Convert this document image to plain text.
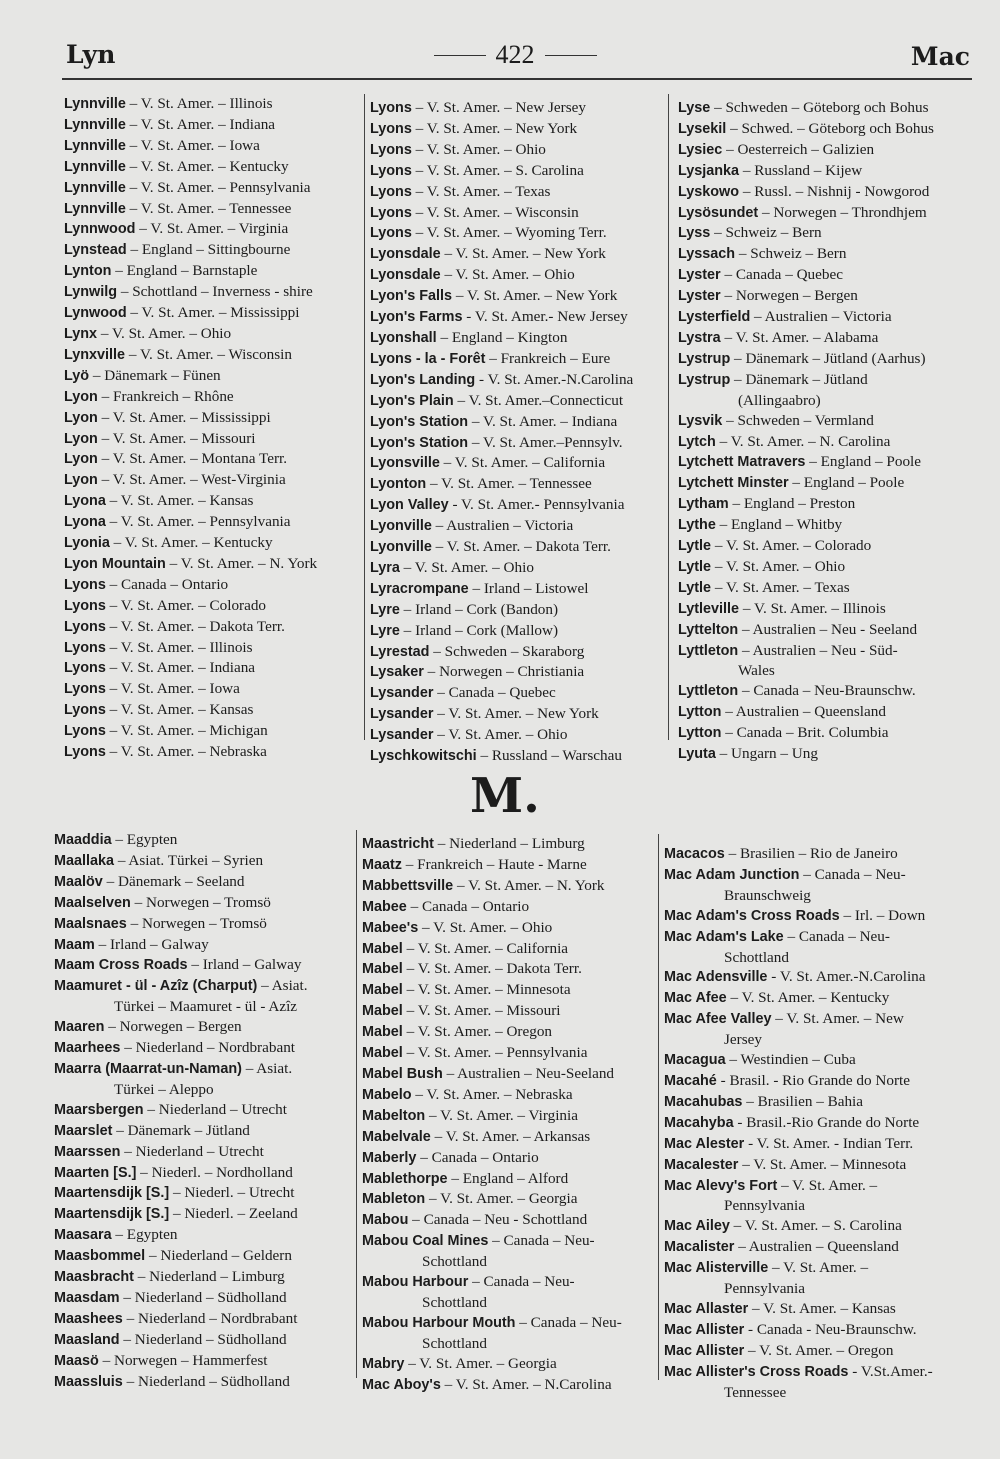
Lyn	422	Mac
Lynnville – V. St. Amer. – Illinois
Lynnville – V. St. Amer. – Indiana
Lynnville – V. St. Amer. – Iowa
Lynnville – V. St. Amer. – Kentucky
Lynnville – V. St. Amer. – Pennsylvania
Lynnville – V. St. Amer. – Tennessee
Lynnwood – V. St. Amer. – Virginia
Lynstead – England – Sittingbourne
Lynton – England – Barnstaple
Lynwilg – Schottland – Inverness - shire
Lynwood – V. St. Amer. – Mississippi
Lynx – V. St. Amer. – Ohio
Lynxville – V. St. Amer. – Wisconsin
Lyö – Dänemark – Fünen
Lyon – Frankreich – Rhône
Lyon – V. St. Amer. – Mississippi
Lyon – V. St. Amer. – Missouri
Lyon – V. St. Amer. – Montana Terr.
Lyon – V. St. Amer. – West-Virginia
Lyona – V. St. Amer. – Kansas
Lyona – V. St. Amer. – Pennsylvania
Lyonia – V. St. Amer. – Kentucky
Lyon Mountain – V. St. Amer. – N. York
Lyons – Canada – Ontario
Lyons – V. St. Amer. – Colorado
Lyons – V. St. Amer. – Dakota Terr.
Lyons – V. St. Amer. – Illinois
Lyons – V. St. Amer. – Indiana
Lyons – V. St. Amer. – Iowa
Lyons – V. St. Amer. – Kansas
Lyons – V. St. Amer. – Michigan
Lyons – V. St. Amer. – Nebraska
Lyons – V. St. Amer. – New Jersey
Lyons – V. St. Amer. – New York
Lyons – V. St. Amer. – Ohio
Lyons – V. St. Amer. – S. Carolina
Lyons – V. St. Amer. – Texas
Lyons – V. St. Amer. – Wisconsin
Lyons – V. St. Amer. – Wyoming Terr.
Lyonsdale – V. St. Amer. – New York
Lyonsdale – V. St. Amer. – Ohio
Lyon's Falls – V. St. Amer. – New York
Lyon's Farms - V. St. Amer.- New Jersey
Lyonshall – England – Kington
Lyons - la - Forêt – Frankreich – Eure
Lyon's Landing - V. St. Amer.-N.Carolina
Lyon's Plain – V. St. Amer.–Connecticut
Lyon's Station – V. St. Amer. – Indiana
Lyon's Station – V. St. Amer.–Pennsylv.
Lyonsville – V. St. Amer. – California
Lyonton – V. St. Amer. – Tennessee
Lyon Valley - V. St. Amer.- Pennsylvania
Lyonville – Australien – Victoria
Lyonville – V. St. Amer. – Dakota Terr.
Lyra – V. St. Amer. – Ohio
Lyracrompane – Irland – Listowel
Lyre – Irland – Cork (Bandon)
Lyre – Irland – Cork (Mallow)
Lyrestad – Schweden – Skaraborg
Lysaker – Norwegen – Christiania
Lysander – Canada – Quebec
Lysander – V. St. Amer. – New York
Lysander – V. St. Amer. – Ohio
Lyschkowitschi – Russland – Warschau
Lyse – Schweden – Göteborg och Bohus
Lysekil – Schwed. – Göteborg och Bohus
Lysiec – Oesterreich – Galizien
Lysjanka – Russland – Kijew
Lyskowo – Russl. – Nishnij - Nowgorod
Lysösundet – Norwegen – Throndhjem
Lyss – Schweiz – Bern
Lyssach – Schweiz – Bern
Lyster – Canada – Quebec
Lyster – Norwegen – Bergen
Lysterfield – Australien – Victoria
Lystra – V. St. Amer. – Alabama
Lystrup – Dänemark – Jütland (Aarhus)
Lystrup – Dänemark – Jütland
(Allingaabro)
Lysvik – Schweden – Vermland
Lytch – V. St. Amer. – N. Carolina
Lytchett Matravers – England – Poole
Lytchett Minster – England – Poole
Lytham – England – Preston
Lythe – England – Whitby
Lytle – V. St. Amer. – Colorado
Lytle – V. St. Amer. – Ohio
Lytle – V. St. Amer. – Texas
Lytleville – V. St. Amer. – Illinois
Lyttelton – Australien – Neu - Seeland
Lyttleton – Australien – Neu - Süd-
Wales
Lyttleton – Canada – Neu-Braunschw.
Lytton – Australien – Queensland
Lytton – Canada – Brit. Columbia
Lyuta – Ungarn – Ung
M.
Maaddia – Egypten
Maallaka – Asiat. Türkei – Syrien
Maalöv – Dänemark – Seeland
Maalselven – Norwegen – Tromsö
Maalsnaes – Norwegen – Tromsö
Maam – Irland – Galway
Maam Cross Roads – Irland – Galway
Maamuret - ül - Azîz (Charput) – Asiat.
Türkei – Maamuret - ül - Azîz
Maaren – Norwegen – Bergen
Maarhees – Niederland – Nordbrabant
Maarra (Maarrat-un-Naman) – Asiat.
Türkei – Aleppo
Maarsbergen – Niederland – Utrecht
Maarslet – Dänemark – Jütland
Maarssen – Niederland – Utrecht
Maarten [S.] – Niederl. – Nordholland
Maartensdijk [S.] – Niederl. – Utrecht
Maartensdijk [S.] – Niederl. – Zeeland
Maasara – Egypten
Maasbommel – Niederland – Geldern
Maasbracht – Niederland – Limburg
Maasdam – Niederland – Südholland
Maashees – Niederland – Nordbrabant
Maasland – Niederland – Südholland
Maasö – Norwegen – Hammerfest
Maassluis – Niederland – Südholland
Maastricht – Niederland – Limburg
Maatz – Frankreich – Haute - Marne
Mabbettsville – V. St. Amer. – N. York
Mabee – Canada – Ontario
Mabee's – V. St. Amer. – Ohio
Mabel – V. St. Amer. – California
Mabel – V. St. Amer. – Dakota Terr.
Mabel – V. St. Amer. – Minnesota
Mabel – V. St. Amer. – Missouri
Mabel – V. St. Amer. – Oregon
Mabel – V. St. Amer. – Pennsylvania
Mabel Bush – Australien – Neu-Seeland
Mabelo – V. St. Amer. – Nebraska
Mabelton – V. St. Amer. – Virginia
Mabelvale – V. St. Amer. – Arkansas
Maberly – Canada – Ontario
Mablethorpe – England – Alford
Mableton – V. St. Amer. – Georgia
Mabou – Canada – Neu - Schottland
Mabou Coal Mines – Canada – Neu-
Schottland
Mabou Harbour – Canada – Neu-
Schottland
Mabou Harbour Mouth – Canada – Neu-
Schottland
Mabry – V. St. Amer. – Georgia
Mac Aboy's – V. St. Amer. – N.Carolina
Macacos – Brasilien – Rio de Janeiro
Mac Adam Junction – Canada – Neu-
Braunschweig
Mac Adam's Cross Roads – Irl. – Down
Mac Adam's Lake – Canada – Neu-
Schottland
Mac Adensville - V. St. Amer.-N.Carolina
Mac Afee – V. St. Amer. – Kentucky
Mac Afee Valley – V. St. Amer. – New
Jersey
Macagua – Westindien – Cuba
Macahé - Brasil. - Rio Grande do Norte
Macahubas – Brasilien – Bahia
Macahyba - Brasil.-Rio Grande do Norte
Mac Alester - V. St. Amer. - Indian Terr.
Macalester – V. St. Amer. – Minnesota
Mac Alevy's Fort – V. St. Amer. –
Pennsylvania
Mac Ailey – V. St. Amer. – S. Carolina
Macalister – Australien – Queensland
Mac Alisterville – V. St. Amer. –
Pennsylvania
Mac Allaster – V. St. Amer. – Kansas
Mac Allister - Canada - Neu-Braunschw.
Mac Allister – V. St. Amer. – Oregon
Mac Allister's Cross Roads - V.St.Amer.-
Tennessee
